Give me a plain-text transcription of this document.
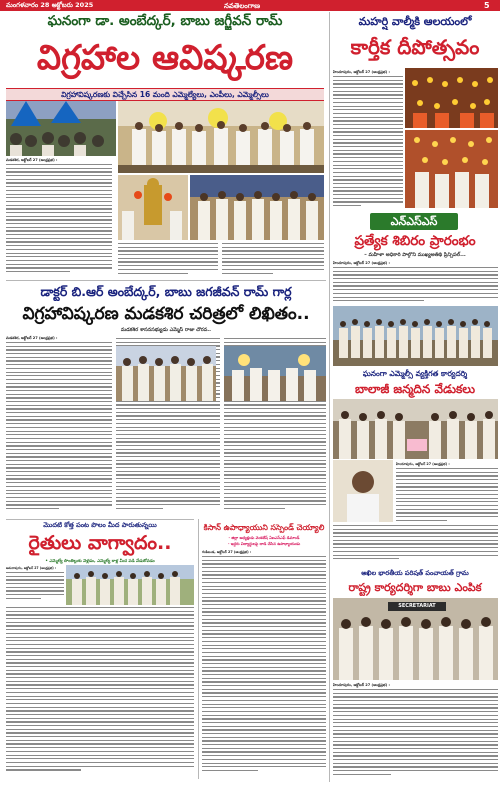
మంగళవారం 28 అక్టోబరు 2025	నవతెలంగాణ	5
ఘనంగా డా. అంబేద్కర్, బాబు జగ్జీవన్ రామ్
విగ్రహాల ఆవిష్కరణ
విగ్రహావిష్కరణకు విచ్చేసిన 16 మంది ఎమ్మెల్యేలు, ఎంపీలు, ఎమ్మెల్సీలు
మడకశిర, అక్టోబర్ 27 (ఆంధ్రప్రభ) :
మహర్షి వాల్మీకి ఆలయంలో
కార్తీక దీపోత్సవం
హిందూపురం, అక్టోబర్ 27 (ఆంధ్రప్రభ) :
ఎన్ఎస్ఎస్
ప్రత్యేక శిబిరం ప్రారంభం
– మహిళా అధికారి పాల్గొని ముఖ్యఅతిథి ప్రిన్సిపల్...
హిందూపురం, అక్టోబర్ 27 (ఆంధ్రప్రభ) :
డాక్టర్ బి.ఆర్ అంబేద్కర్, బాబు జగజీవన్ రామ్ గార్ల
విగ్రహావిష్కరణ మడకశిర చరిత్రలో లిఖితం..
మడకశిర శాసనసభ్యుడు ఎమ్మెస్ రాజు చొరవ..
మడకశిర, అక్టోబర్ 27 (ఆంధ్రప్రభ) :
ఘనంగా ఎమ్మెల్సీ వ్యక్తిగత కార్యదర్శి
బాలాజీ జన్మదిన వేడుకలు
హిందూపురం, అక్టోబర్ 27 (ఆంధ్రప్రభ) :
మొదటి కోత్త పంట పొలం మీద పారుతున్నయి
రైతులు వాగ్వాదం..
• ఎమ్మెల్యే సొంతిల్లుకు వెళ్లడం, ఎమ్మెల్యే కాళ్ల మీద పడి వేడుకోవడం
అమరాపురం, అక్టోబర్ 27 (ఆంధ్రప్రభ) :
కిసాన్ ఉపాధ్యాయుని సస్పెండ్ చెయ్యాలి
- జిల్లా అధ్యక్షుడు వెంకటేష్ ఏఐఎస్ఎఫ్ డిమాండ్
- ఇద్దరు విద్యార్థులపై దాడి చేసిన ఉపాధ్యాయుడు
గుడిబండ, అక్టోబర్ 27 (ఆంధ్రప్రభ) :
అఖిల భారతీయ పరిషత్ పంచాయత్ గ్రామ
రాష్ట్ర కార్యదర్శిగా బాబు ఎంపిక
SECRETARIAT
హిందూపురం, అక్టోబర్ 27 (ఆంధ్రప్రభ) :
